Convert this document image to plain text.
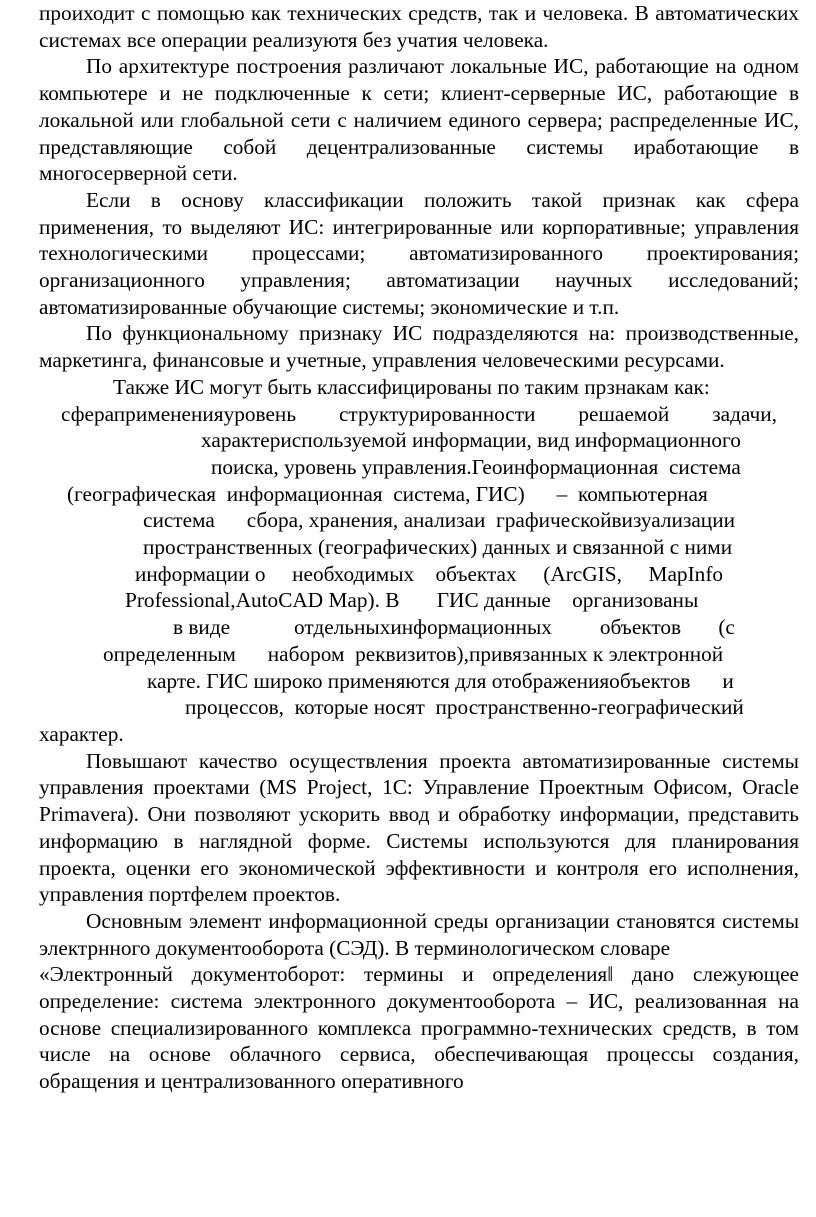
проиходит с помощью как технических средств, так и человека. В автоматических системах все операции реализуютя без учатия человека.

По архитектуре построения различают локальные ИС, работающие на одном компьютере и не подключенные к сети; клиент-серверные ИС, работающие в локальной или глобальной сети с наличием единого сервера; распределенные ИС, представляющие собой децентрализованные системы иработающие в многосерверной сети.

Если в основу классификации положить такой признак как сфера применения, то выделяют ИС: интегрированные или корпоративные; управления технологическими процессами; автоматизированного проектирования; организационного управления; автоматизации научных исследований; автоматизированные обучающие системы; экономические и т.п.

По функциональному признаку ИС подразделяются на: производственные, маркетинга, финансовые и учетные, управления человеческими ресурсами.

Также ИС могут быть классифицированы по таким прзнакам как:
сферапримененияуровень структурированности решаемой задачи,
характериспользуемой информации, вид информационного
поиска, уровень управления.Геоинформационная  система
(географическая  информационная  система, ГИС)      –  компьютерная
система      сбора, хранения, анализаи  графическойвизуализации
пространственных (географических) данных и связанной с ними
информации о     необходимых    объектах     (ArcGIS,     MapInfo
Professional,AutoCAD Map). В       ГИС данные    организованы
в виде            отдельныхинформационных         объектов       (с
определенным      набором  реквизитов),привязанных к электронной
карте. ГИС широко применяются для отображенияобъектов      и
процессов,  которые носят  пространственно-географический
характер.

Повышают качество осуществления проекта автоматизированные системы управления проектами (MS Project, 1С: Управление Проектным Офисом, Oracle Primavera). Они позволяют ускорить ввод и обработку информации, представить информацию в наглядной форме. Системы используются для планирования проекта, оценки его экономической эффективности и контроля его исполнения, управления портфелем проектов.

Основным элемент информационной среды организации становятся системы электрнного документооборота (СЭД). В терминологическом словаре

«Электронный документоборот: термины и определения‖ дано слежующее определение: система электронного документооборота – ИС, реализованная на основе специализированного комплекса программно-технических средств, в том числе на основе облачного сервиса, обеспечивающая процессы создания, обращения и централизованного оперативного
